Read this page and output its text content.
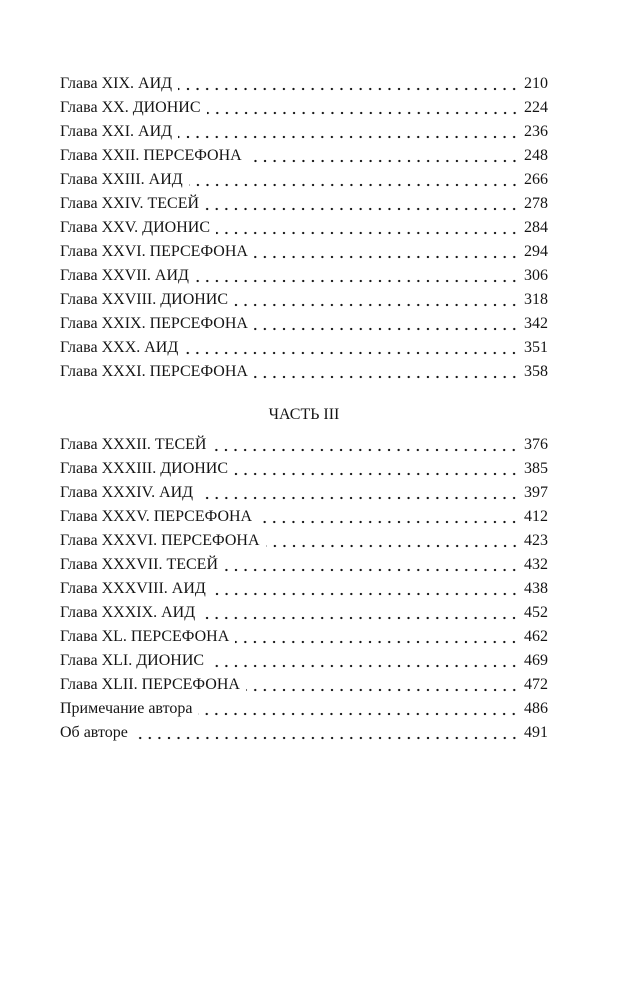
Глава XIX. АИД	210
Глава XX. ДИОНИС	224
Глава XXI. АИД	236
Глава XXII. ПЕРСЕФОНА	248
Глава XXIII. АИД	266
Глава XXIV. ТЕСЕЙ	278
Глава XXV. ДИОНИС	284
Глава XXVI. ПЕРСЕФОНА	294
Глава XXVII. АИД	306
Глава XXVIII. ДИОНИС	318
Глава XXIX. ПЕРСЕФОНА	342
Глава XXX. АИД	351
Глава XXXI. ПЕРСЕФОНА	358
ЧАСТЬ III
Глава XXXII. ТЕСЕЙ	376
Глава XXXIII. ДИОНИС	385
Глава XXXIV. АИД	397
Глава XXXV. ПЕРСЕФОНА	412
Глава XXXVI. ПЕРСЕФОНА	423
Глава XXXVII. ТЕСЕЙ	432
Глава XXXVIII. АИД	438
Глава XXXIX. АИД	452
Глава XL. ПЕРСЕФОНА	462
Глава XLI. ДИОНИС	469
Глава XLII. ПЕРСЕФОНА	472
Примечание автора	486
Об авторе	491
